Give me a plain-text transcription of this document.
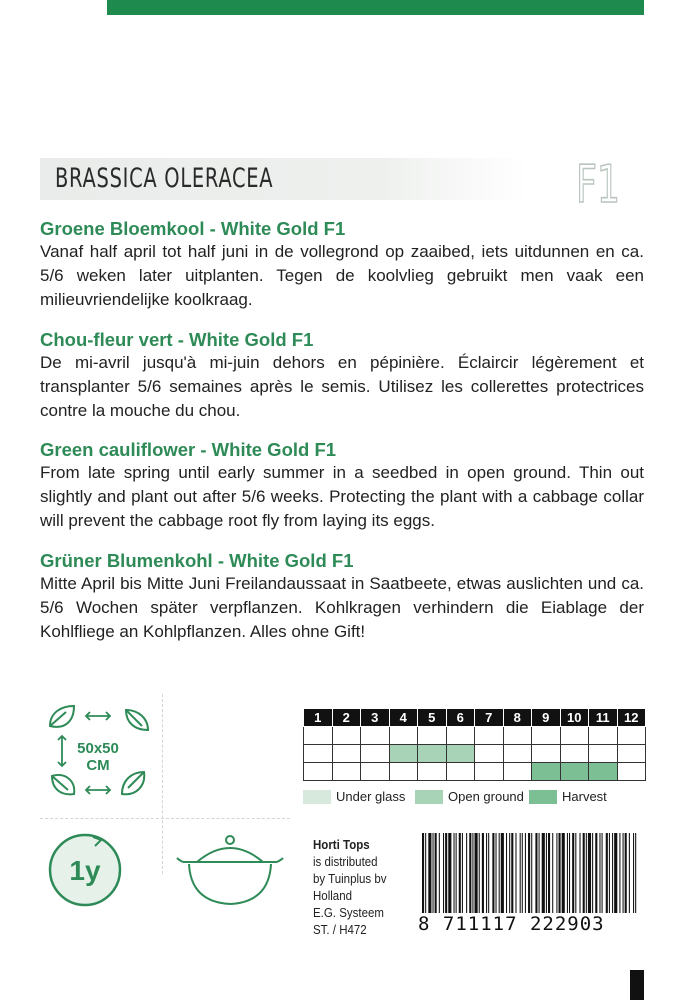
BRASSICA OLERACEA	F1
Groene Bloemkool - White Gold F1
Vanaf half april tot half juni in de vollegrond op zaaibed, iets uitdunnen en ca. 5/6 weken later uitplanten. Tegen de koolvlieg gebruikt men vaak een milieuvriendelijke koolkraag.
Chou-fleur vert - White Gold F1
De mi-avril jusqu'à mi-juin dehors en pépinière. Éclaircir légèrement et transplanter 5/6 semaines après le semis. Utilisez les collerettes protectrices contre la mouche du chou.
Green cauliflower - White Gold F1
From late spring until early summer in a seedbed in open ground. Thin out slightly and plant out after 5/6 weeks. Protecting the plant with a cabbage collar will prevent the cabbage root fly from laying its eggs.
Grüner Blumenkohl - White Gold F1
Mitte April bis Mitte Juni Freilandaussaat in Saatbeete, etwas auslichten und ca. 5/6 Wochen später verpflanzen. Kohlkragen verhindern die Eiablage der Kohlfliege an Kohlpflanzen. Alles ohne Gift!
50x50
CM
1y
1	2	3	4	5	6	7	8	9	10	11	12

Under glass	Open ground	Harvest
Horti Tops
is distributed
by Tuinplus bv
Holland
E.G. Systeem
ST. / H472	8 711117 222903
